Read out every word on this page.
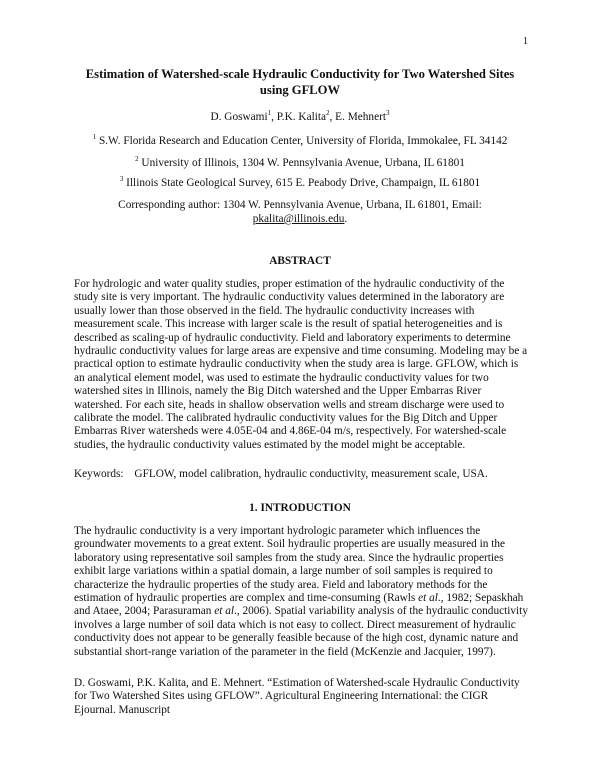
1
Estimation of Watershed-scale Hydraulic Conductivity for Two Watershed Sites using GFLOW
D. Goswami$^1$, P.K. Kalita$^2$, E. Mehnert$^3$
$^1$ S.W. Florida Research and Education Center, University of Florida, Immokalee, FL 34142
$^2$ University of Illinois, 1304 W. Pennsylvania Avenue, Urbana, IL 61801
$^3$ Illinois State Geological Survey, 615 E. Peabody Drive, Champaign, IL 61801
Corresponding author: 1304 W. Pennsylvania Avenue, Urbana, IL 61801, Email:
pkalita@illinois.edu.
ABSTRACT
For hydrologic and water quality studies, proper estimation of the hydraulic conductivity of the study site is very important. The hydraulic conductivity values determined in the laboratory are usually lower than those observed in the field. The hydraulic conductivity increases with measurement scale. This increase with larger scale is the result of spatial heterogeneities and is described as scaling-up of hydraulic conductivity. Field and laboratory experiments to determine hydraulic conductivity values for large areas are expensive and time consuming. Modeling may be a practical option to estimate hydraulic conductivity when the study area is large. GFLOW, which is an analytical element model, was used to estimate the hydraulic conductivity values for two watershed sites in Illinois, namely the Big Ditch watershed and the Upper Embarras River watershed. For each site, heads in shallow observation wells and stream discharge were used to calibrate the model. The calibrated hydraulic conductivity values for the Big Ditch and Upper Embarras River watersheds were 4.05E-04 and 4.86E-04 m/s, respectively. For watershed-scale studies, the hydraulic conductivity values estimated by the model might be acceptable.
Keywords: GFLOW, model calibration, hydraulic conductivity, measurement scale, USA.
1. INTRODUCTION
The hydraulic conductivity is a very important hydrologic parameter which influences the groundwater movements to a great extent. Soil hydraulic properties are usually measured in the laboratory using representative soil samples from the study area. Since the hydraulic properties exhibit large variations within a spatial domain, a large number of soil samples is required to characterize the hydraulic properties of the study area. Field and laboratory methods for the estimation of hydraulic properties are complex and time-consuming (Rawls et al., 1982; Sepaskhah and Ataee, 2004; Parasuraman et al., 2006). Spatial variability analysis of the hydraulic conductivity involves a large number of soil data which is not easy to collect. Direct measurement of hydraulic conductivity does not appear to be generally feasible because of the high cost, dynamic nature and substantial short-range variation of the parameter in the field (McKenzie and Jacquier, 1997).
D. Goswami, P.K. Kalita, and E. Mehnert. “Estimation of Watershed-scale Hydraulic Conductivity for Two Watershed Sites using GFLOW”. Agricultural Engineering International: the CIGR Ejournal. Manuscript
